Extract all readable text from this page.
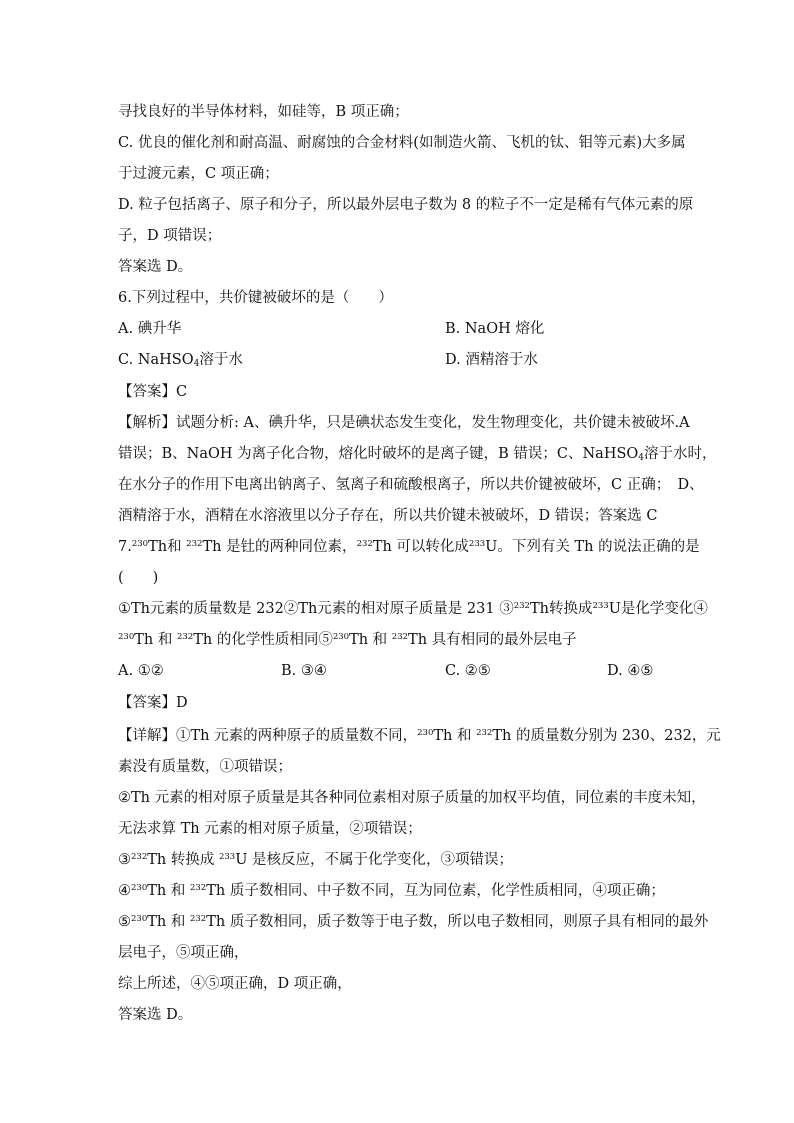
寻找良好的半导体材料，如硅等，B 项正确；
C. 优良的催化剂和耐高温、耐腐蚀的合金材料(如制造火箭、飞机的钛、钼等元素)大多属
于过渡元素，C 项正确；
D. 粒子包括离子、原子和分子，所以最外层电子数为 8 的粒子不一定是稀有气体元素的原
子，D 项错误；
答案选 D。
6.下列过程中，共价键被破坏的是（　　）
A. 碘升华	B. NaOH 熔化
C. NaHSO$_4$溶于水	D. 酒精溶于水
【答案】C
【解析】试题分析: A、碘升华，只是碘状态发生变化，发生物理变化，共价键未被破坏.A
错误；B、NaOH 为离子化合物，熔化时破坏的是离子键，B 错误；C、NaHSO$_4$溶于水时，
在水分子的作用下电离出钠离子、氢离子和硫酸根离子，所以共价键被破坏，C 正确；　D、
酒精溶于水，酒精在水溶液里以分子存在，所以共价键未被破坏，D 错误；答案选 C
7.$^{230}$Th和 $^{232}$Th 是钍的两种同位素，$^{232}$Th 可以转化成$^{233}$U。下列有关 Th 的说法正确的是
(　　)
①Th元素的质量数是 232②Th元素的相对原子质量是 231 ③$^{232}$Th转换成$^{233}$U是化学变化④
$^{230}$Th 和 $^{232}$Th 的化学性质相同⑤$^{230}$Th 和 $^{232}$Th 具有相同的最外层电子
A. ①②	B. ③④	C. ②⑤	D. ④⑤
【答案】D
【详解】①Th 元素的两种原子的质量数不同，$^{230}$Th 和 $^{232}$Th 的质量数分别为 230、232，元
素没有质量数，①项错误；
②Th 元素的相对原子质量是其各种同位素相对原子质量的加权平均值，同位素的丰度未知，
无法求算 Th 元素的相对原子质量，②项错误；
③$^{232}$Th 转换成 $^{233}$U 是核反应，不属于化学变化，③项错误；
④$^{230}$Th 和 $^{232}$Th 质子数相同、中子数不同，互为同位素，化学性质相同，④项正确；
⑤$^{230}$Th 和 $^{232}$Th 质子数相同，质子数等于电子数，所以电子数相同，则原子具有相同的最外
层电子，⑤项正确，
综上所述，④⑤项正确，D 项正确，
答案选 D。
